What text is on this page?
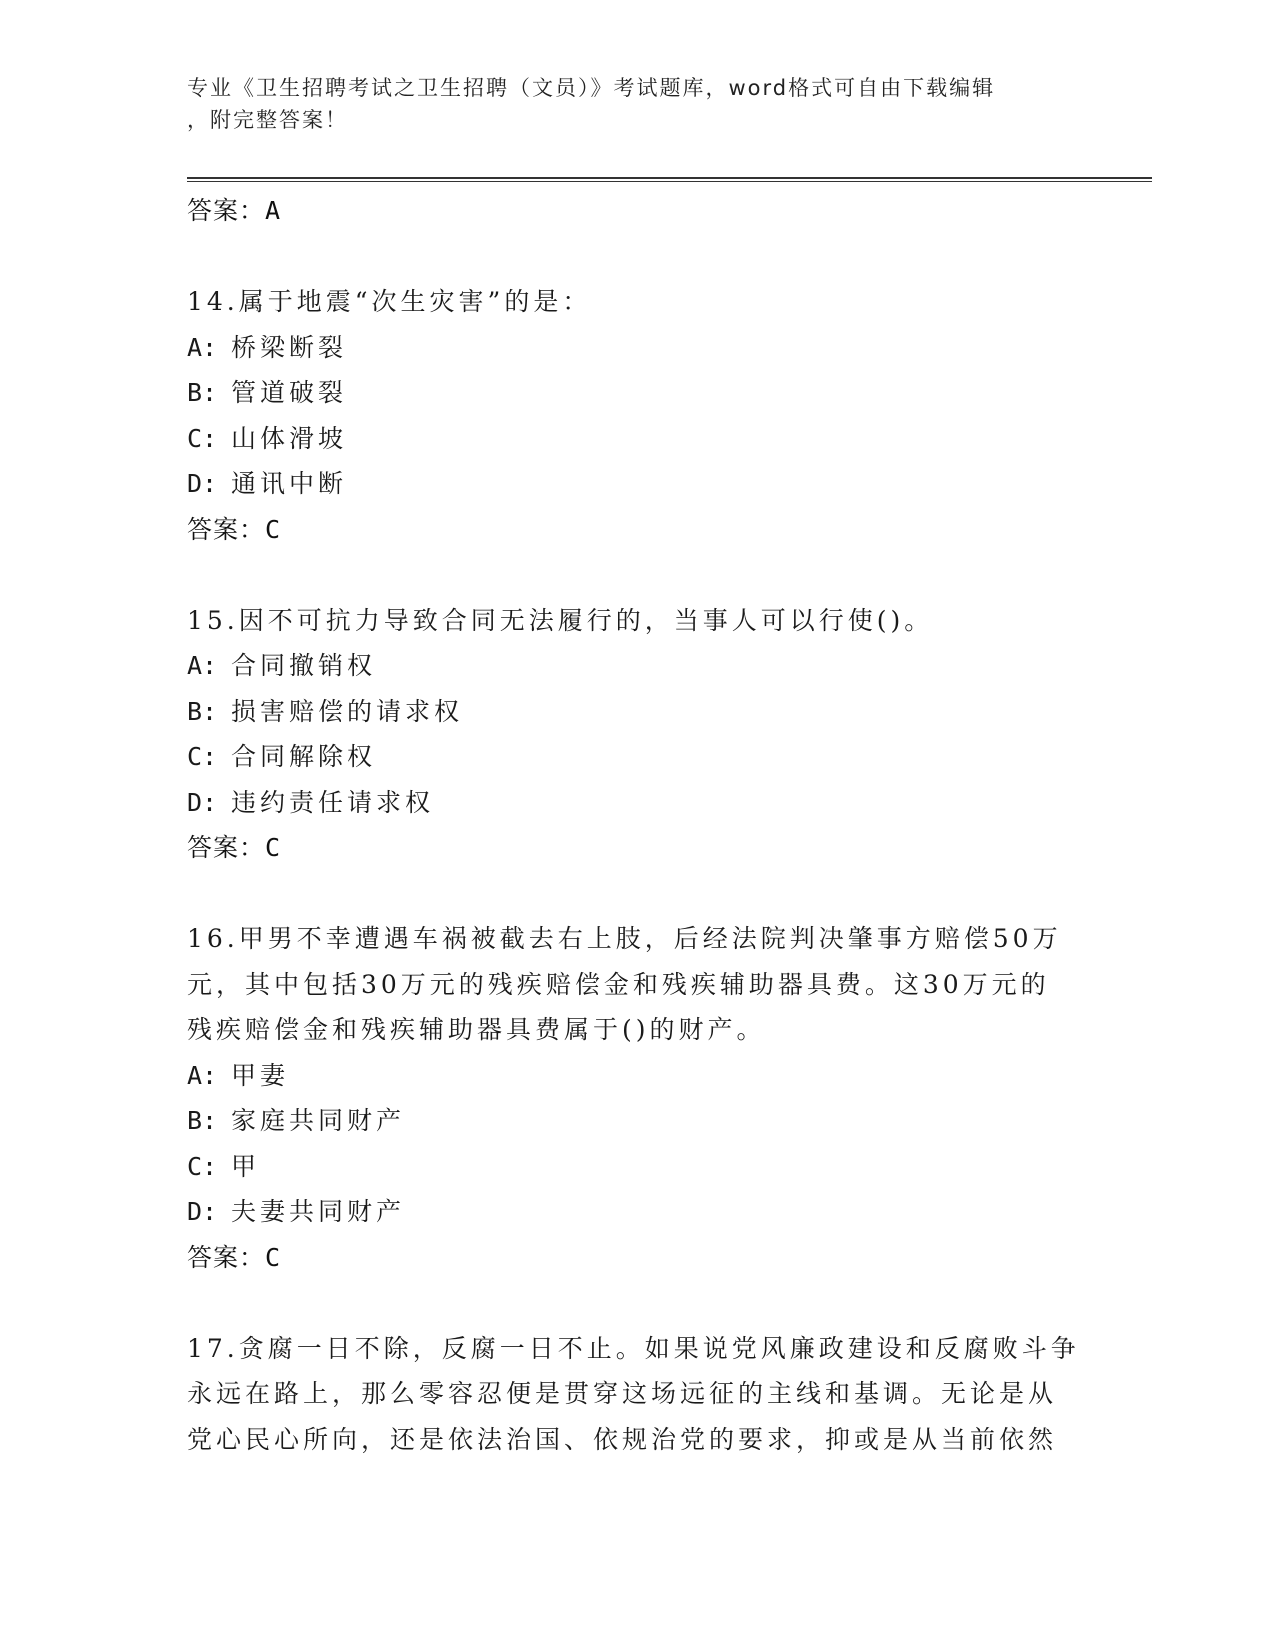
专业《卫生招聘考试之卫生招聘（文员）》考试题库，word格式可自由下载编辑
，附完整答案！
答案：A

14.属于地震“次生灾害”的是：

A: 桥梁断裂
B: 管道破裂
C: 山体滑坡
D: 通讯中断
答案：C

15.因不可抗力导致合同无法履行的，当事人可以行使()。

A: 合同撤销权
B: 损害赔偿的请求权
C: 合同解除权
D: 违约责任请求权
答案：C

16.甲男不幸遭遇车祸被截去右上肢，后经法院判决肇事方赔偿50万

元，其中包括30万元的残疾赔偿金和残疾辅助器具费。这30万元的

残疾赔偿金和残疾辅助器具费属于()的财产。

A: 甲妻
B: 家庭共同财产
C: 甲
D: 夫妻共同财产
答案：C

17.贪腐一日不除，反腐一日不止。如果说党风廉政建设和反腐败斗争

永远在路上，那么零容忍便是贯穿这场远征的主线和基调。无论是从

党心民心所向，还是依法治国、依规治党的要求，抑或是从当前依然
